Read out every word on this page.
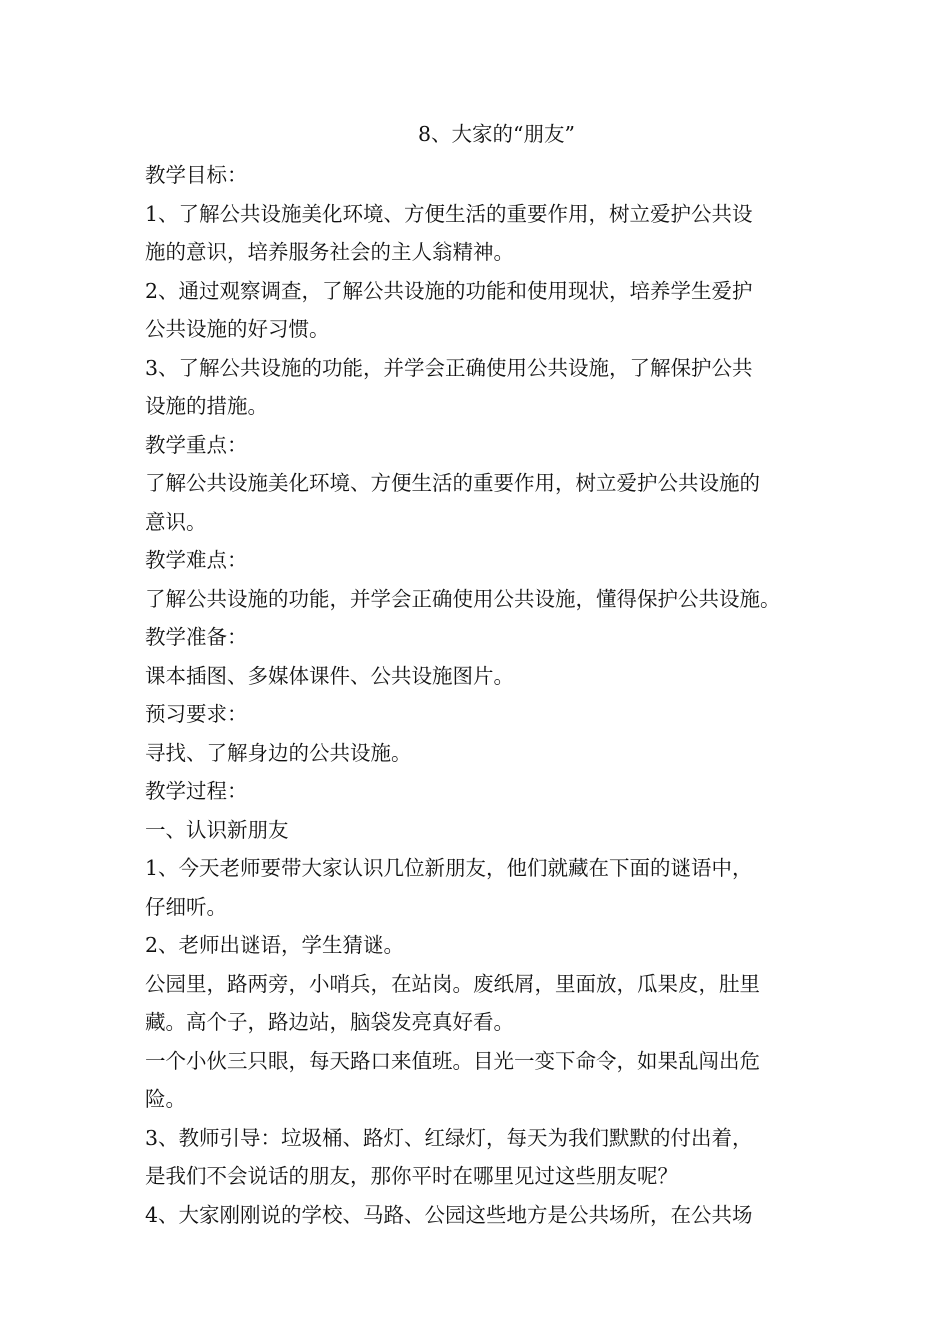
8、大家的“朋友”
教学目标：
1、了解公共设施美化环境、方便生活的重要作用，树立爱护公共设
施的意识，培养服务社会的主人翁精神。
2、通过观察调查，了解公共设施的功能和使用现状，培养学生爱护
公共设施的好习惯。
3、了解公共设施的功能，并学会正确使用公共设施，了解保护公共
设施的措施。
教学重点：
了解公共设施美化环境、方便生活的重要作用，树立爱护公共设施的
意识。
教学难点：
了解公共设施的功能，并学会正确使用公共设施，懂得保护公共设施。
教学准备：
课本插图、多媒体课件、公共设施图片。
预习要求：
寻找、了解身边的公共设施。
教学过程：
一、认识新朋友
1、今天老师要带大家认识几位新朋友，他们就藏在下面的谜语中，
仔细听。
2、老师出谜语，学生猜谜。
公园里，路两旁，小哨兵，在站岗。废纸屑，里面放，瓜果皮，肚里
藏。高个子，路边站，脑袋发亮真好看。
一个小伙三只眼，每天路口来值班。目光一变下命令，如果乱闯出危
险。
3、教师引导：垃圾桶、路灯、红绿灯，每天为我们默默的付出着，
是我们不会说话的朋友，那你平时在哪里见过这些朋友呢？
4、大家刚刚说的学校、马路、公园这些地方是公共场所，在公共场
